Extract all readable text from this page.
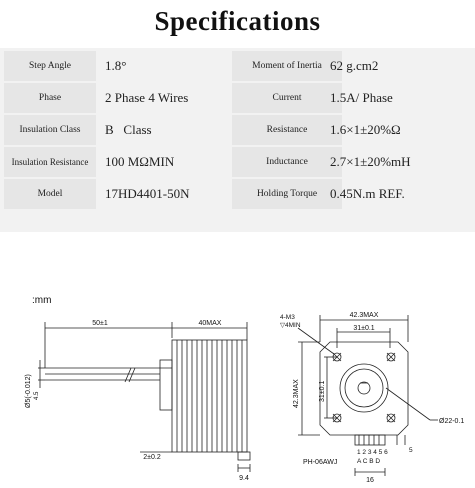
Specifications
Step Angle	1.8°	Moment of Inertia 62 g.cm2
Phase	2 Phase 4 Wires	Current	1.5A/ Phase
Insulation Class	B   Class	Resistance	1.6×1±20%Ω
Insulation Resistance	100 MΩMIN	Inductance	2.7×1±20%mH
Model	17HD4401-50N	Holding Torque 0.45N.m REF.
:mm
50±1	40MAX
2±0.2
9.4
Ø5(-0.012) 4.5
42.3MAX
31±0.1
4-M3
▽4MIN
42.3MAX	31±0.1
Ø22-0.1
1 2 3 4 5 6
A C B D
16
PH-06AWJ
5
